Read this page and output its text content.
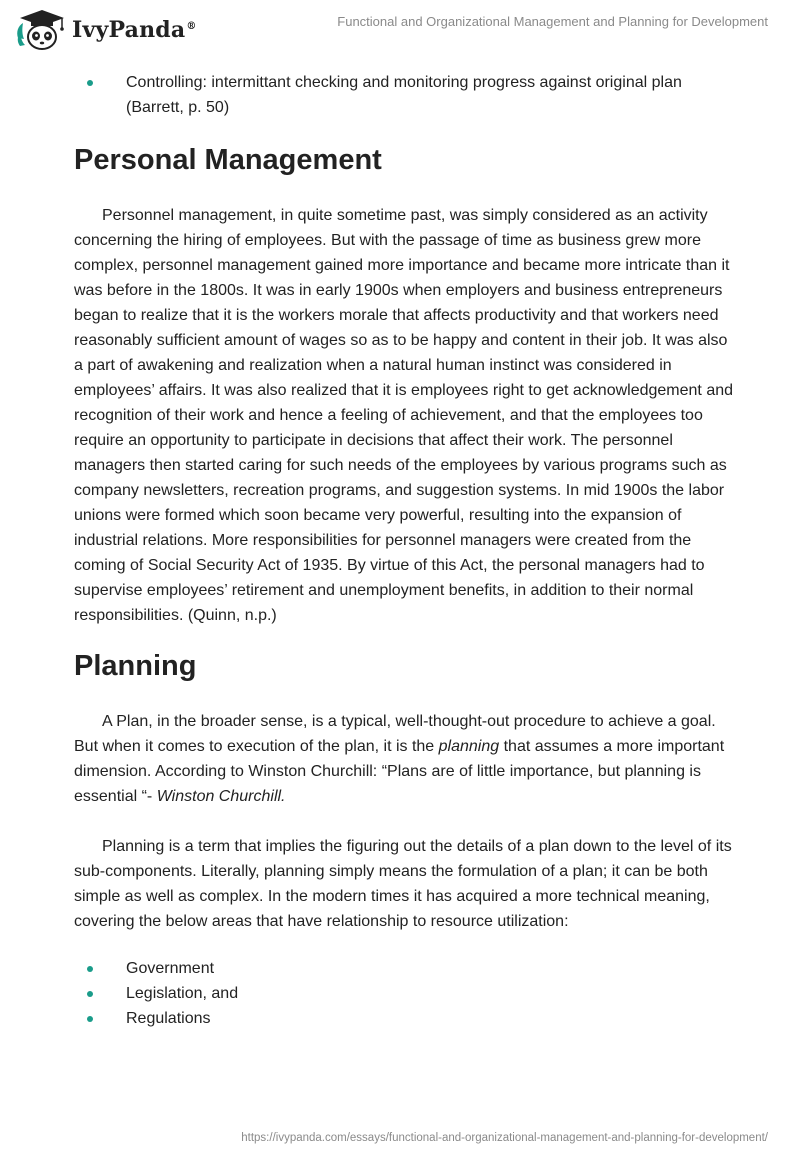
IvyPanda®	Functional and Organizational Management and Planning for Development
Controlling: intermittant checking and monitoring progress against original plan
(Barrett, p. 50)
Personal Management

Personnel management, in quite sometime past, was simply considered as an activity concerning the hiring of employees. But with the passage of time as business grew more complex, personnel management gained more importance and became more intricate than it was before in the 1800s. It was in early 1900s when employers and business entrepreneurs began to realize that it is the workers morale that affects productivity and that workers need reasonably sufficient amount of wages so as to be happy and content in their job. It was also a part of awakening and realization when a natural human instinct was considered in employees’ affairs. It was also realized that it is employees right to get acknowledgement and recognition of their work and hence a feeling of achievement, and that the employees too require an opportunity to participate in decisions that affect their work. The personnel managers then started caring for such needs of the employees by various programs such as company newsletters, recreation programs, and suggestion systems. In mid 1900s the labor unions were formed which soon became very powerful, resulting into the expansion of industrial relations. More responsibilities for personnel managers were created from the coming of Social Security Act of 1935. By virtue of this Act, the personal managers had to supervise employees’ retirement and unemployment benefits, in addition to their normal responsibilities. (Quinn, n.p.)

Planning

A Plan, in the broader sense, is a typical, well-thought-out procedure to achieve a goal. But when it comes to execution of the plan, it is the planning that assumes a more important dimension. According to Winston Churchill: “Plans are of little importance, but planning is essential “- Winston Churchill.

Planning is a term that implies the figuring out the details of a plan down to the level of its sub-components. Literally, planning simply means the formulation of a plan; it can be both simple as well as complex. In the modern times it has acquired a more technical meaning, covering the below areas that have relationship to resource utilization:

Government
Legislation, and
Regulations
https://ivypanda.com/essays/functional-and-organizational-management-and-planning-for-development/
